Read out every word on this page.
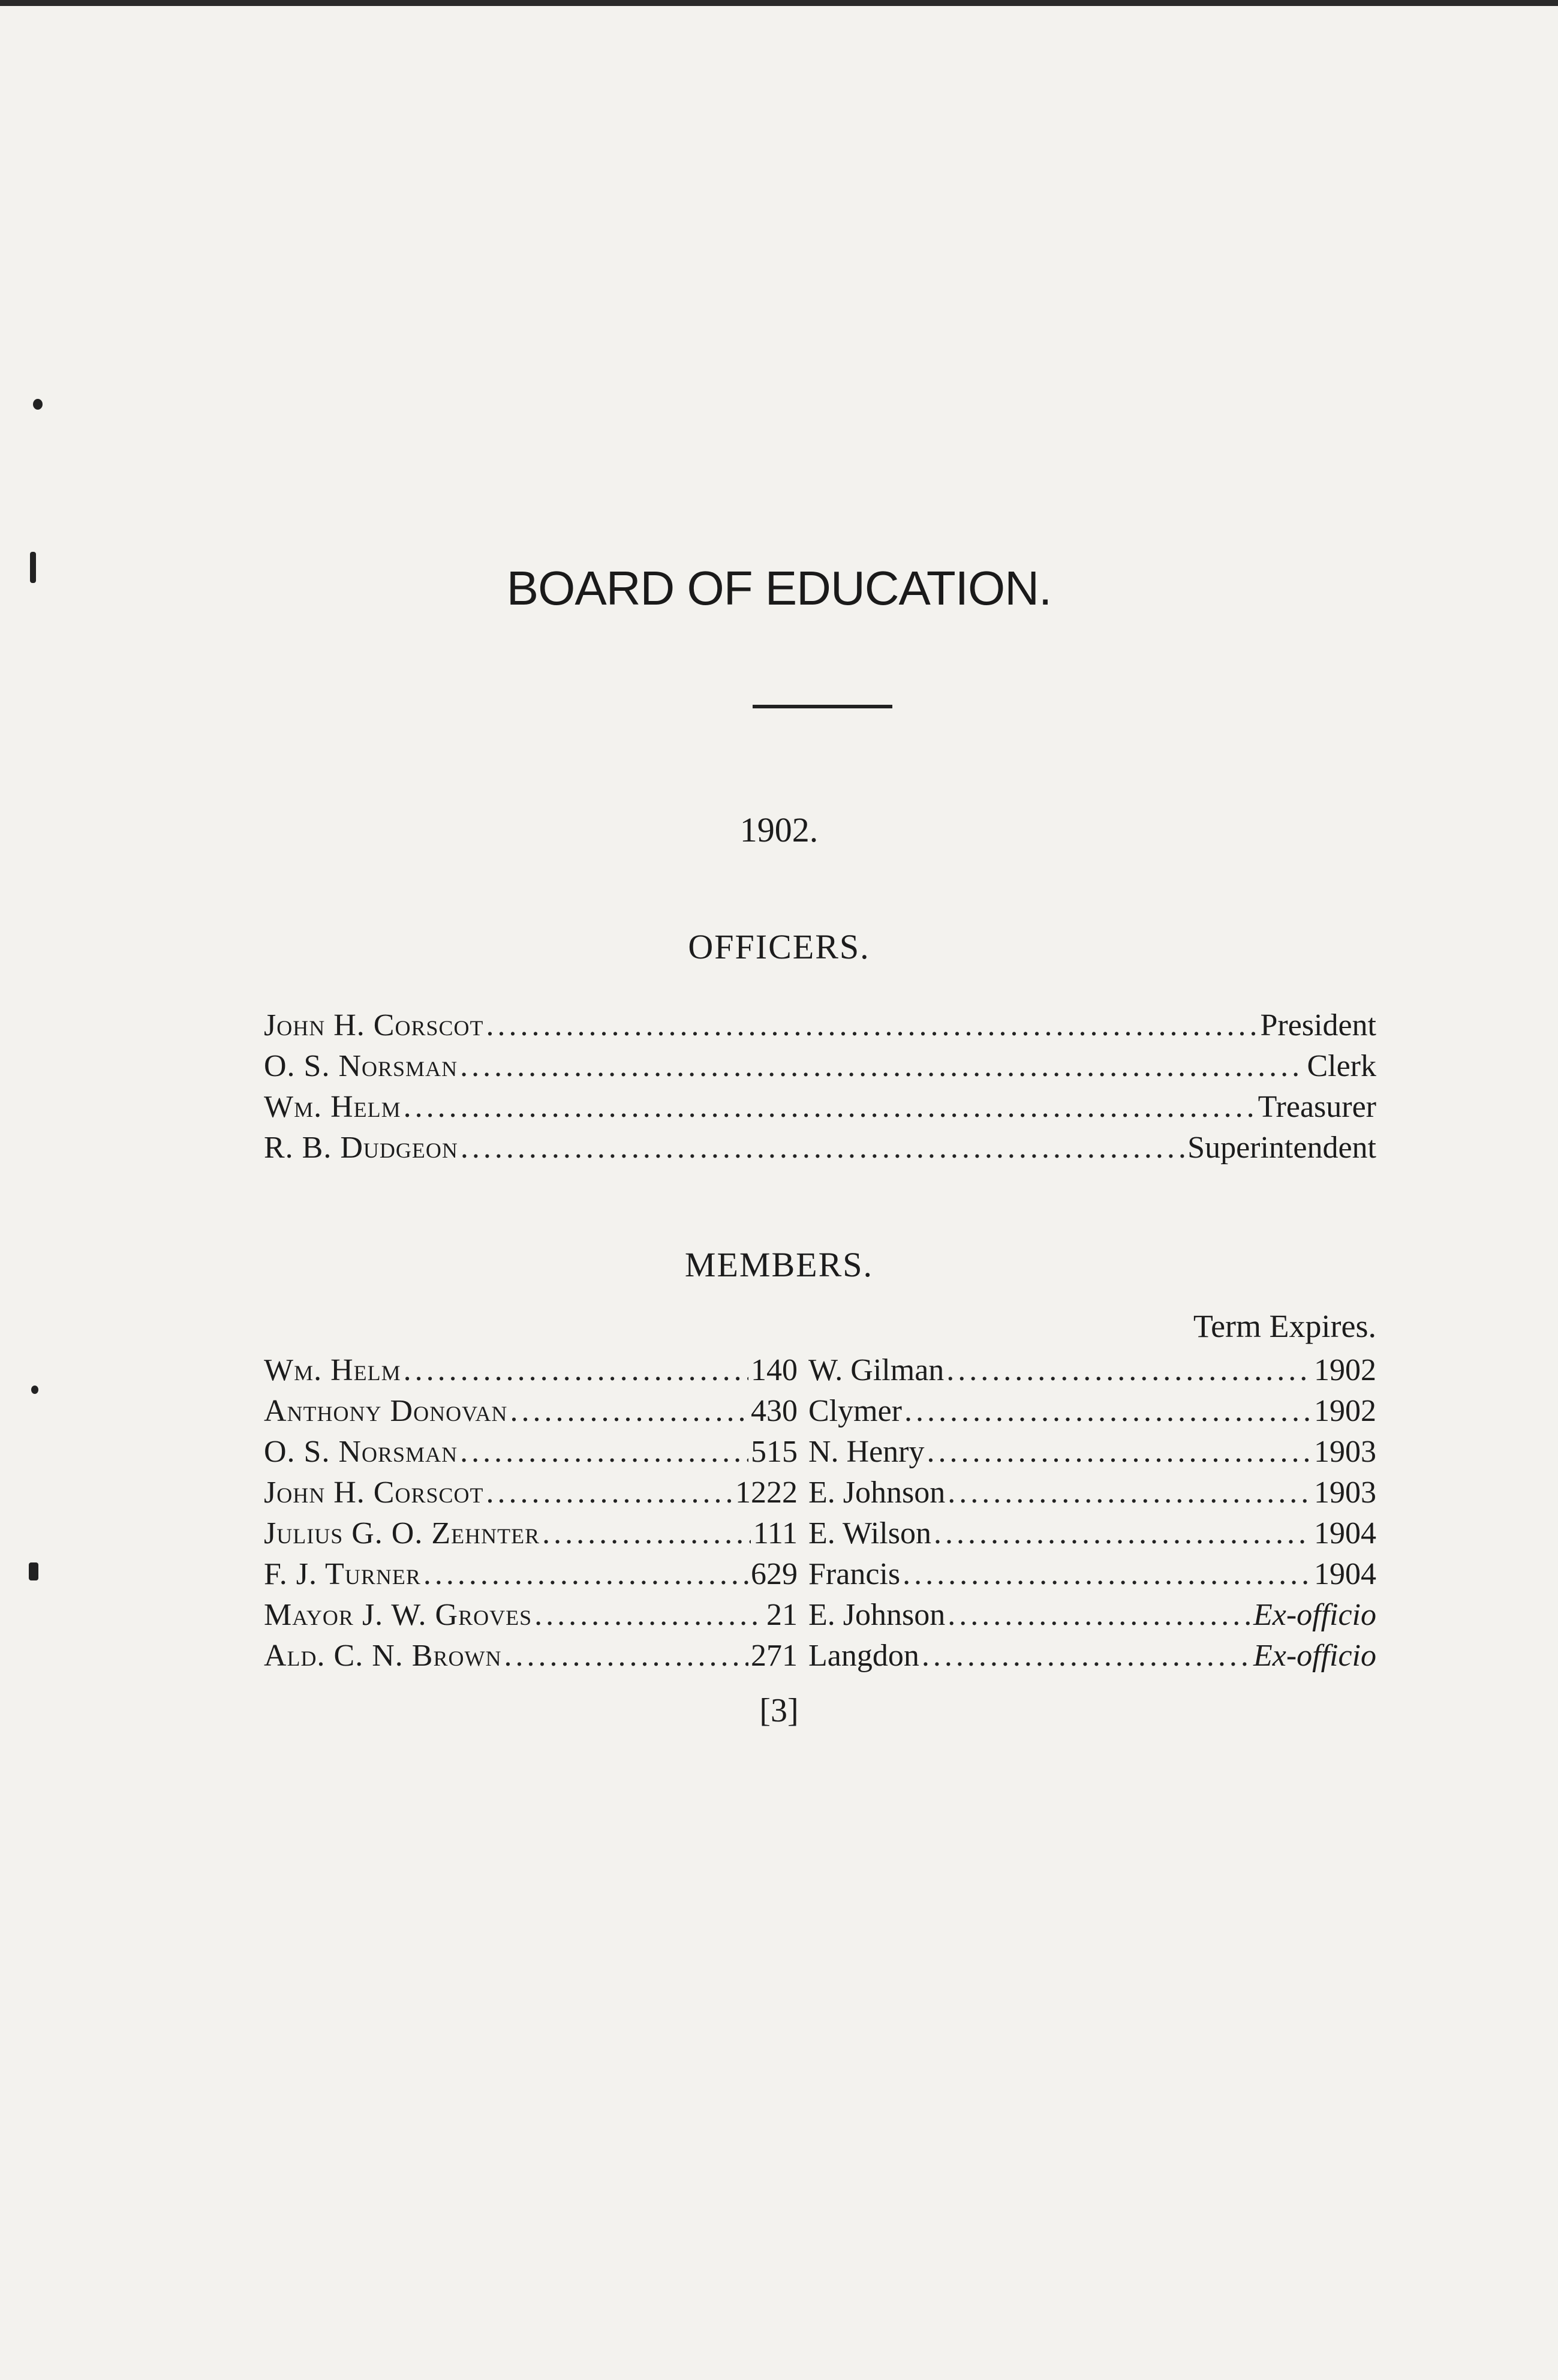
BOARD OF EDUCATION.
1902.
OFFICERS.
John H. Corscot .....	President
O. S. Norsman .....	Clerk
Wm. Helm .....	Treasurer
R. B. Dudgeon .....	Superintendent
MEMBERS.
Term Expires.
Wm. Helm .....	140 W. Gilman .....	1902
Anthony Donovan .....	430 Clymer .....	1902
O. S. Norsman .....	515 N. Henry .....	1903
John H. Corscot .....	1222 E. Johnson .....	1903
Julius G. O. Zehnter .....	111 E. Wilson .....	1904
F. J. Turner .....	629 Francis .....	1904
Mayor J. W. Groves .....	21 E. Johnson .....	Ex-officio
Ald. C. N. Brown .....	271 Langdon .....	Ex-officio
[3]
